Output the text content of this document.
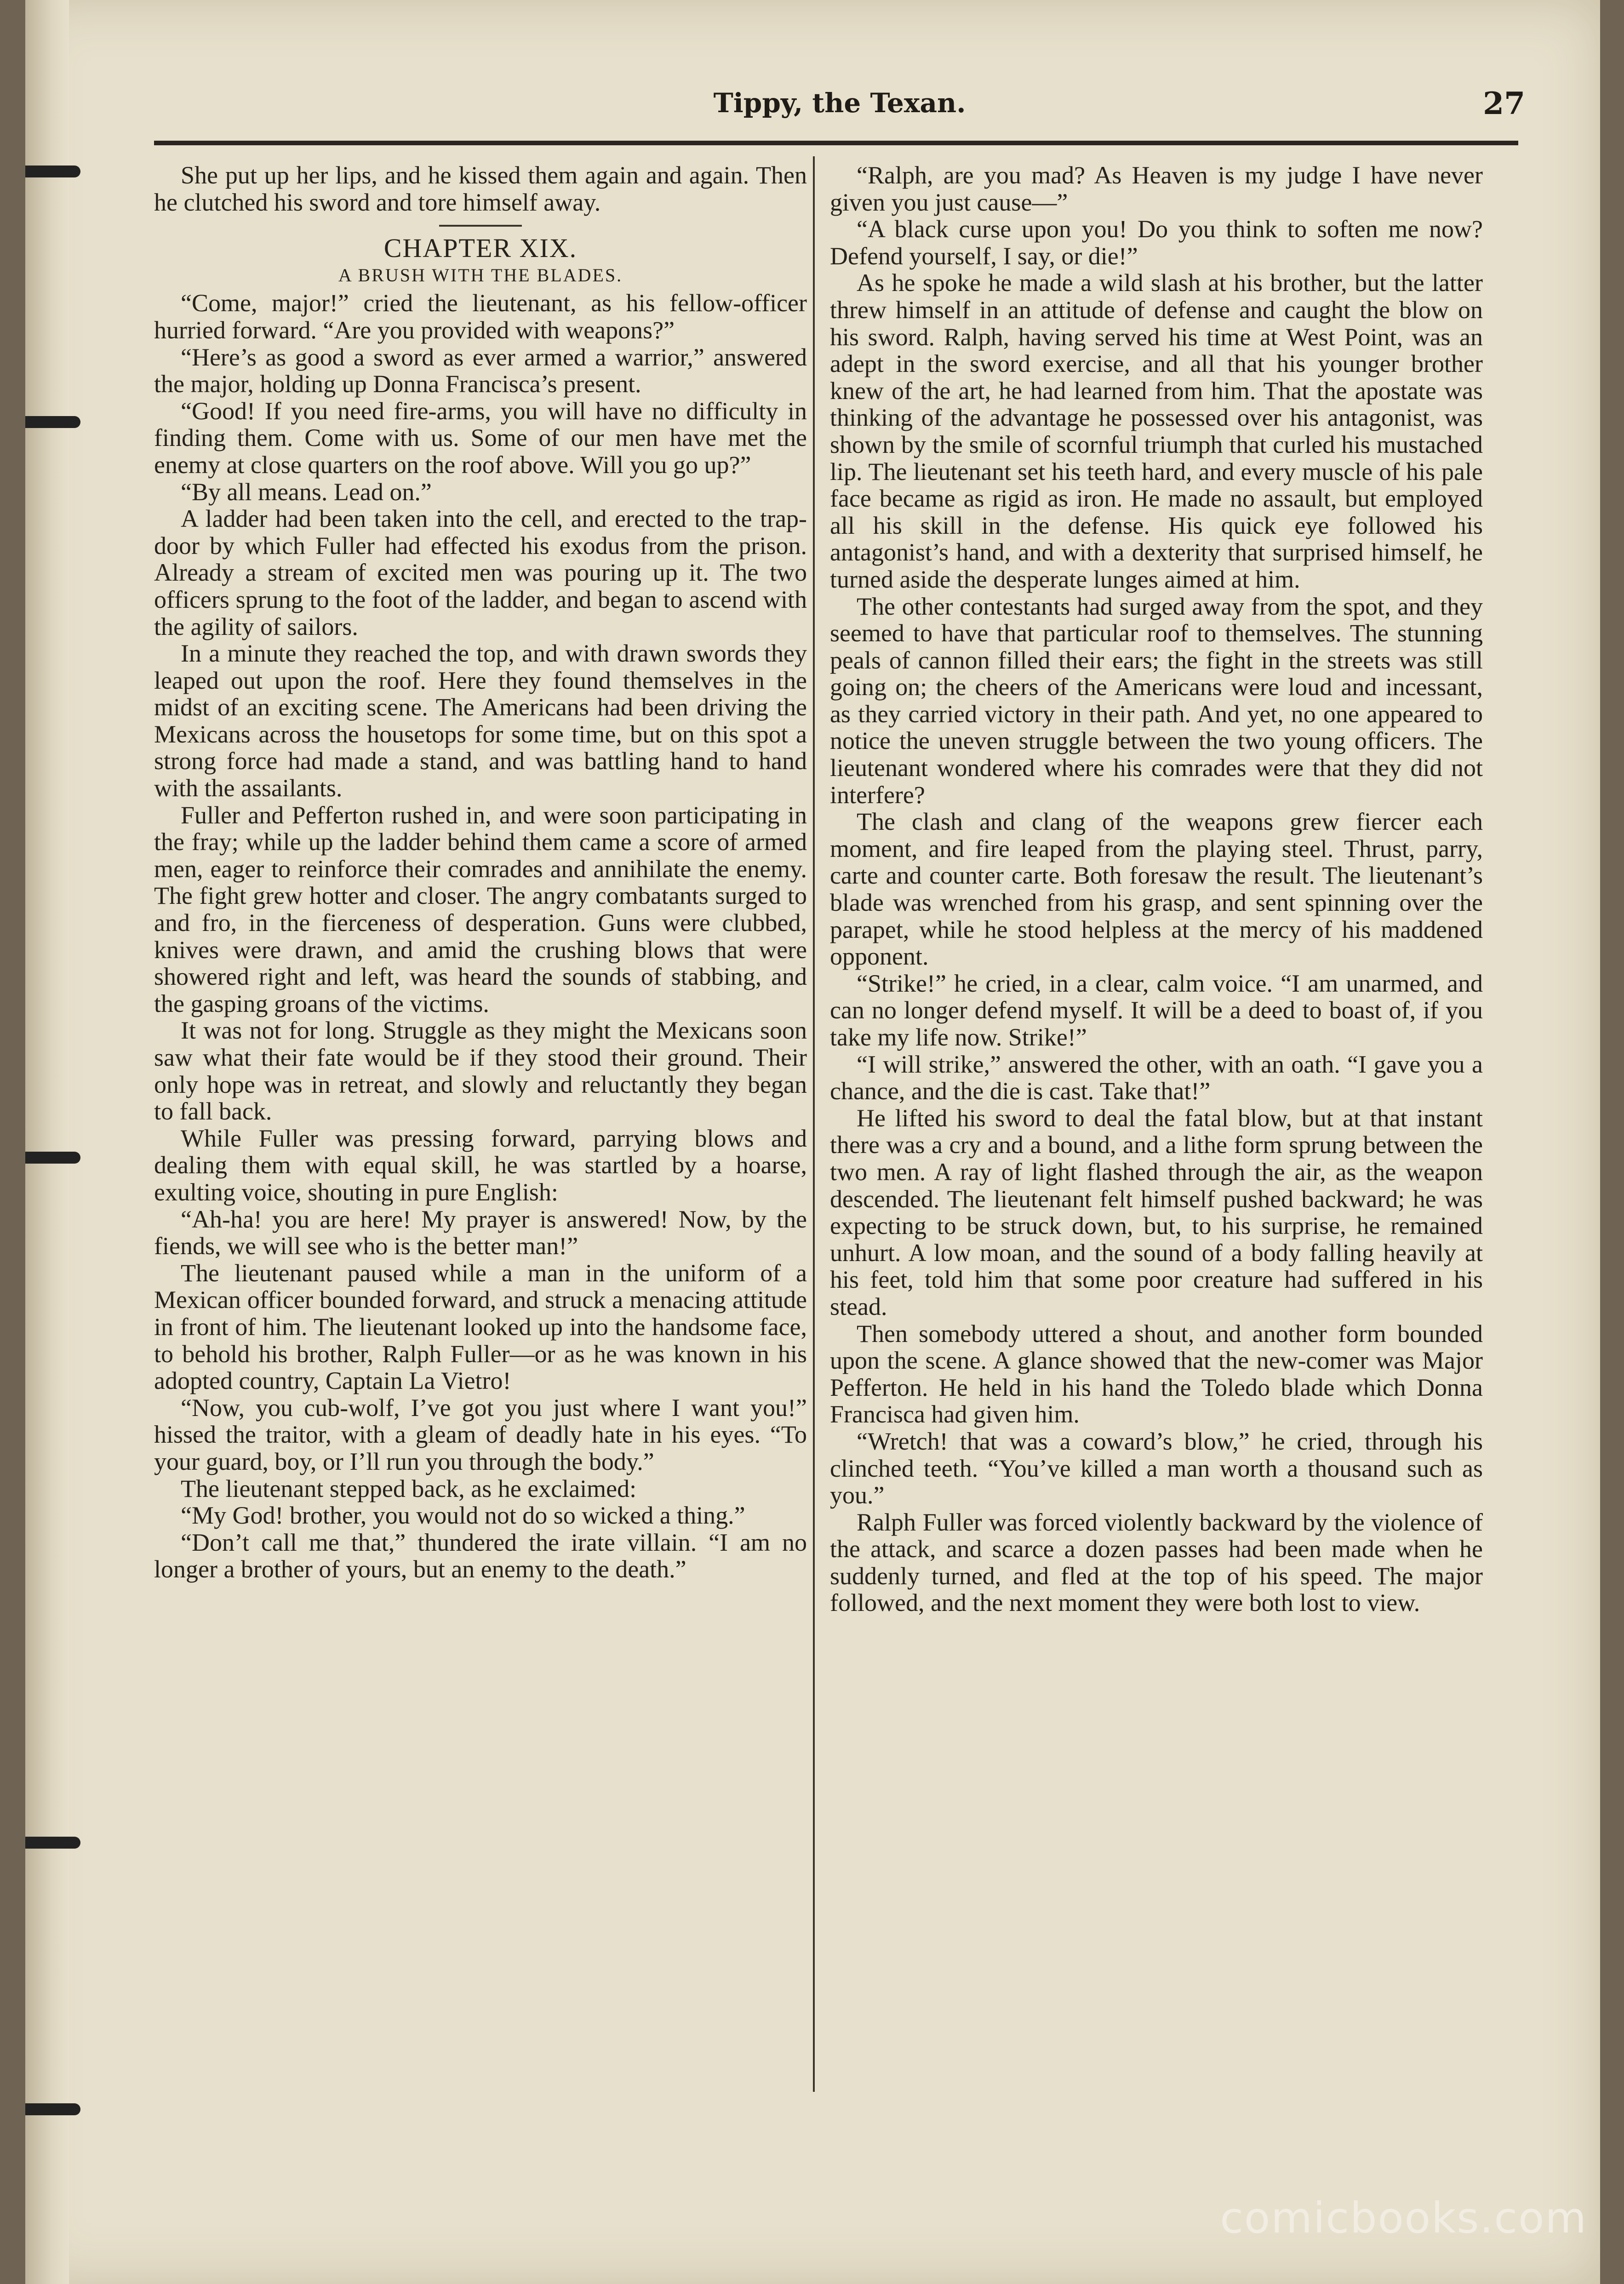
Tippy, the Texan.	27

She put up her lips, and he kissed them again and again. Then he clutched his sword and tore himself away.

CHAPTER XIX.
A BRUSH WITH THE BLADES.

“Come, major!” cried the lieutenant, as his fellow-officer hurried forward. “Are you provided with weapons?”

“Here’s as good a sword as ever armed a warrior,” answered the major, holding up Donna Francisca’s present.

“Good! If you need fire-arms, you will have no difficulty in finding them. Come with us. Some of our men have met the enemy at close quarters on the roof above. Will you go up?”

“By all means. Lead on.”

A ladder had been taken into the cell, and erected to the trap-door by which Fuller had effected his exodus from the prison. Already a stream of excited men was pouring up it. The two officers sprung to the foot of the ladder, and began to ascend with the agility of sailors.

In a minute they reached the top, and with drawn swords they leaped out upon the roof. Here they found themselves in the midst of an exciting scene. The Americans had been driving the Mexicans across the housetops for some time, but on this spot a strong force had made a stand, and was battling hand to hand with the assailants.

Fuller and Pefferton rushed in, and were soon participating in the fray; while up the ladder behind them came a score of armed men, eager to reinforce their comrades and annihilate the enemy. The fight grew hotter and closer. The angry combatants surged to and fro, in the fierceness of desperation. Guns were clubbed, knives were drawn, and amid the crushing blows that were showered right and left, was heard the sounds of stabbing, and the gasping groans of the victims.

It was not for long. Struggle as they might the Mexicans soon saw what their fate would be if they stood their ground. Their only hope was in retreat, and slowly and reluctantly they began to fall back.

While Fuller was pressing forward, parrying blows and dealing them with equal skill, he was startled by a hoarse, exulting voice, shouting in pure English:

“Ah-ha! you are here! My prayer is answered! Now, by the fiends, we will see who is the better man!”

The lieutenant paused while a man in the uniform of a Mexican officer bounded forward, and struck a menacing attitude in front of him. The lieutenant looked up into the handsome face, to behold his brother, Ralph Fuller—or as he was known in his adopted country, Captain La Vietro!

“Now, you cub-wolf, I’ve got you just where I want you!” hissed the traitor, with a gleam of deadly hate in his eyes. “To your guard, boy, or I’ll run you through the body.”

The lieutenant stepped back, as he exclaimed:

“My God! brother, you would not do so wicked a thing.”

“Don’t call me that,” thundered the irate villain. “I am no longer a brother of yours, but an enemy to the death.”

“Ralph, are you mad? As Heaven is my judge I have never given you just cause—”

“A black curse upon you! Do you think to soften me now? Defend yourself, I say, or die!”

As he spoke he made a wild slash at his brother, but the latter threw himself in an attitude of defense and caught the blow on his sword. Ralph, having served his time at West Point, was an adept in the sword exercise, and all that his younger brother knew of the art, he had learned from him. That the apostate was thinking of the advantage he possessed over his antagonist, was shown by the smile of scornful triumph that curled his mustached lip. The lieutenant set his teeth hard, and every muscle of his pale face became as rigid as iron. He made no assault, but employed all his skill in the defense. His quick eye followed his antagonist’s hand, and with a dexterity that surprised himself, he turned aside the desperate lunges aimed at him.

The other contestants had surged away from the spot, and they seemed to have that particular roof to themselves. The stunning peals of cannon filled their ears; the fight in the streets was still going on; the cheers of the Americans were loud and incessant, as they carried victory in their path. And yet, no one appeared to notice the uneven struggle between the two young officers. The lieutenant wondered where his comrades were that they did not interfere?

The clash and clang of the weapons grew fiercer each moment, and fire leaped from the playing steel. Thrust, parry, carte and counter carte. Both foresaw the result. The lieutenant’s blade was wrenched from his grasp, and sent spinning over the parapet, while he stood helpless at the mercy of his maddened opponent.

“Strike!” he cried, in a clear, calm voice. “I am unarmed, and can no longer defend myself. It will be a deed to boast of, if you take my life now. Strike!”

“I will strike,” answered the other, with an oath. “I gave you a chance, and the die is cast. Take that!”

He lifted his sword to deal the fatal blow, but at that instant there was a cry and a bound, and a lithe form sprung between the two men. A ray of light flashed through the air, as the weapon descended. The lieutenant felt himself pushed backward; he was expecting to be struck down, but, to his surprise, he remained unhurt. A low moan, and the sound of a body falling heavily at his feet, told him that some poor creature had suffered in his stead.

Then somebody uttered a shout, and another form bounded upon the scene. A glance showed that the new-comer was Major Pefferton. He held in his hand the Toledo blade which Donna Francisca had given him.

“Wretch! that was a coward’s blow,” he cried, through his clinched teeth. “You’ve killed a man worth a thousand such as you.”

Ralph Fuller was forced violently backward by the violence of the attack, and scarce a dozen passes had been made when he suddenly turned, and fled at the top of his speed. The major followed, and the next moment they were both lost to view.

comicbooks.com
